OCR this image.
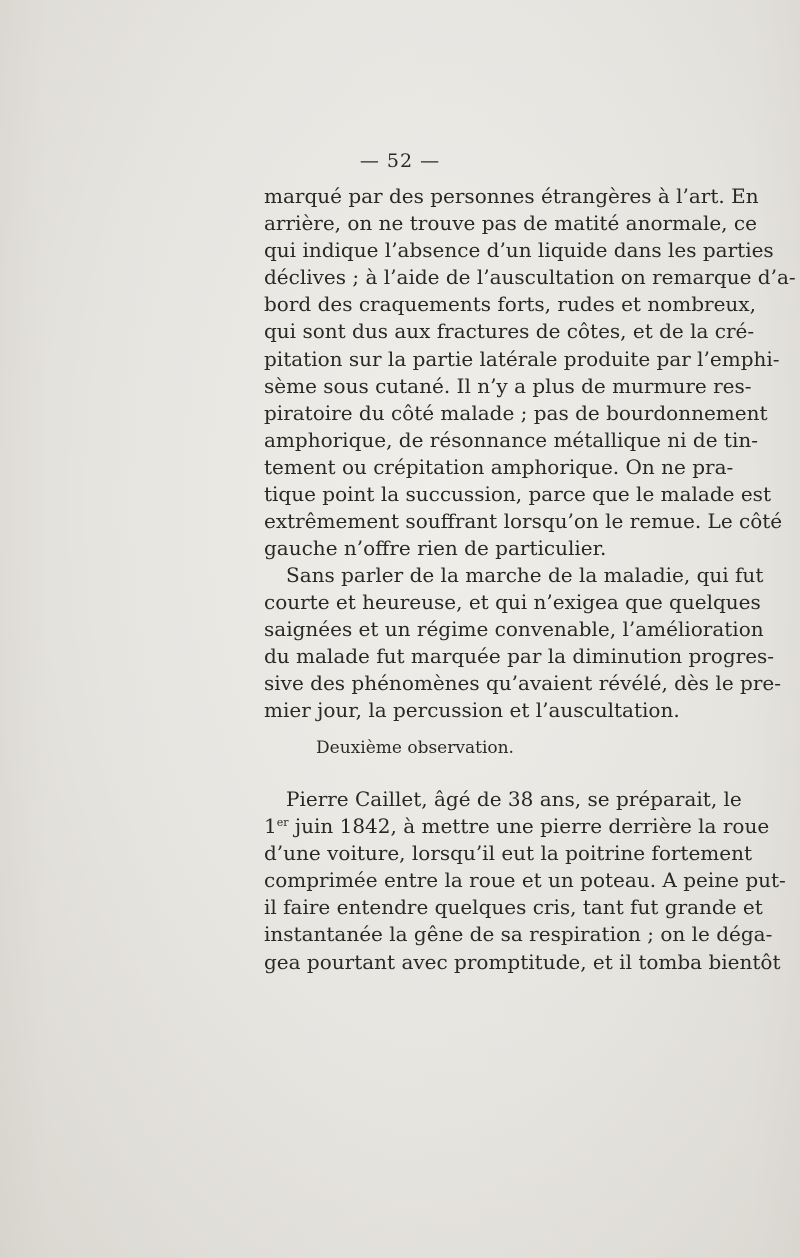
— 52 —
marqué par des personnes étrangères à l’art. En
arrière, on ne trouve pas de matité anormale, ce
qui indique l’absence d’un liquide dans les parties
déclives ; à l’aide de l’auscultation on remarque d’a-
bord des craquements forts, rudes et nombreux,
qui sont dus aux fractures de côtes, et de la cré-
pitation sur la partie latérale produite par l’emphi-
sème sous cutané. Il n’y a plus de murmure res-
piratoire du côté malade ; pas de bourdonnement
amphorique, de résonnance métallique ni de tin-
tement ou crépitation amphorique. On ne pra-
tique point la succussion, parce que le malade est
extrêmement souffrant lorsqu’on le remue. Le côté
gauche n’offre rien de particulier.
Sans parler de la marche de la maladie, qui fut
courte et heureuse, et qui n’exigea que quelques
saignées et un régime convenable, l’amélioration
du malade fut marquée par la diminution progres-
sive des phénomènes qu’avaient révélé, dès le pre-
mier jour, la percussion et l’auscultation.
Deuxième observation.
Pierre Caillet, âgé de 38 ans, se préparait, le
1er juin 1842, à mettre une pierre derrière la roue
d’une voiture, lorsqu’il eut la poitrine fortement
comprimée entre la roue et un poteau. A peine put-
il faire entendre quelques cris, tant fut grande et
instantanée la gêne de sa respiration ; on le déga-
gea pourtant avec promptitude, et il tomba bientôt
